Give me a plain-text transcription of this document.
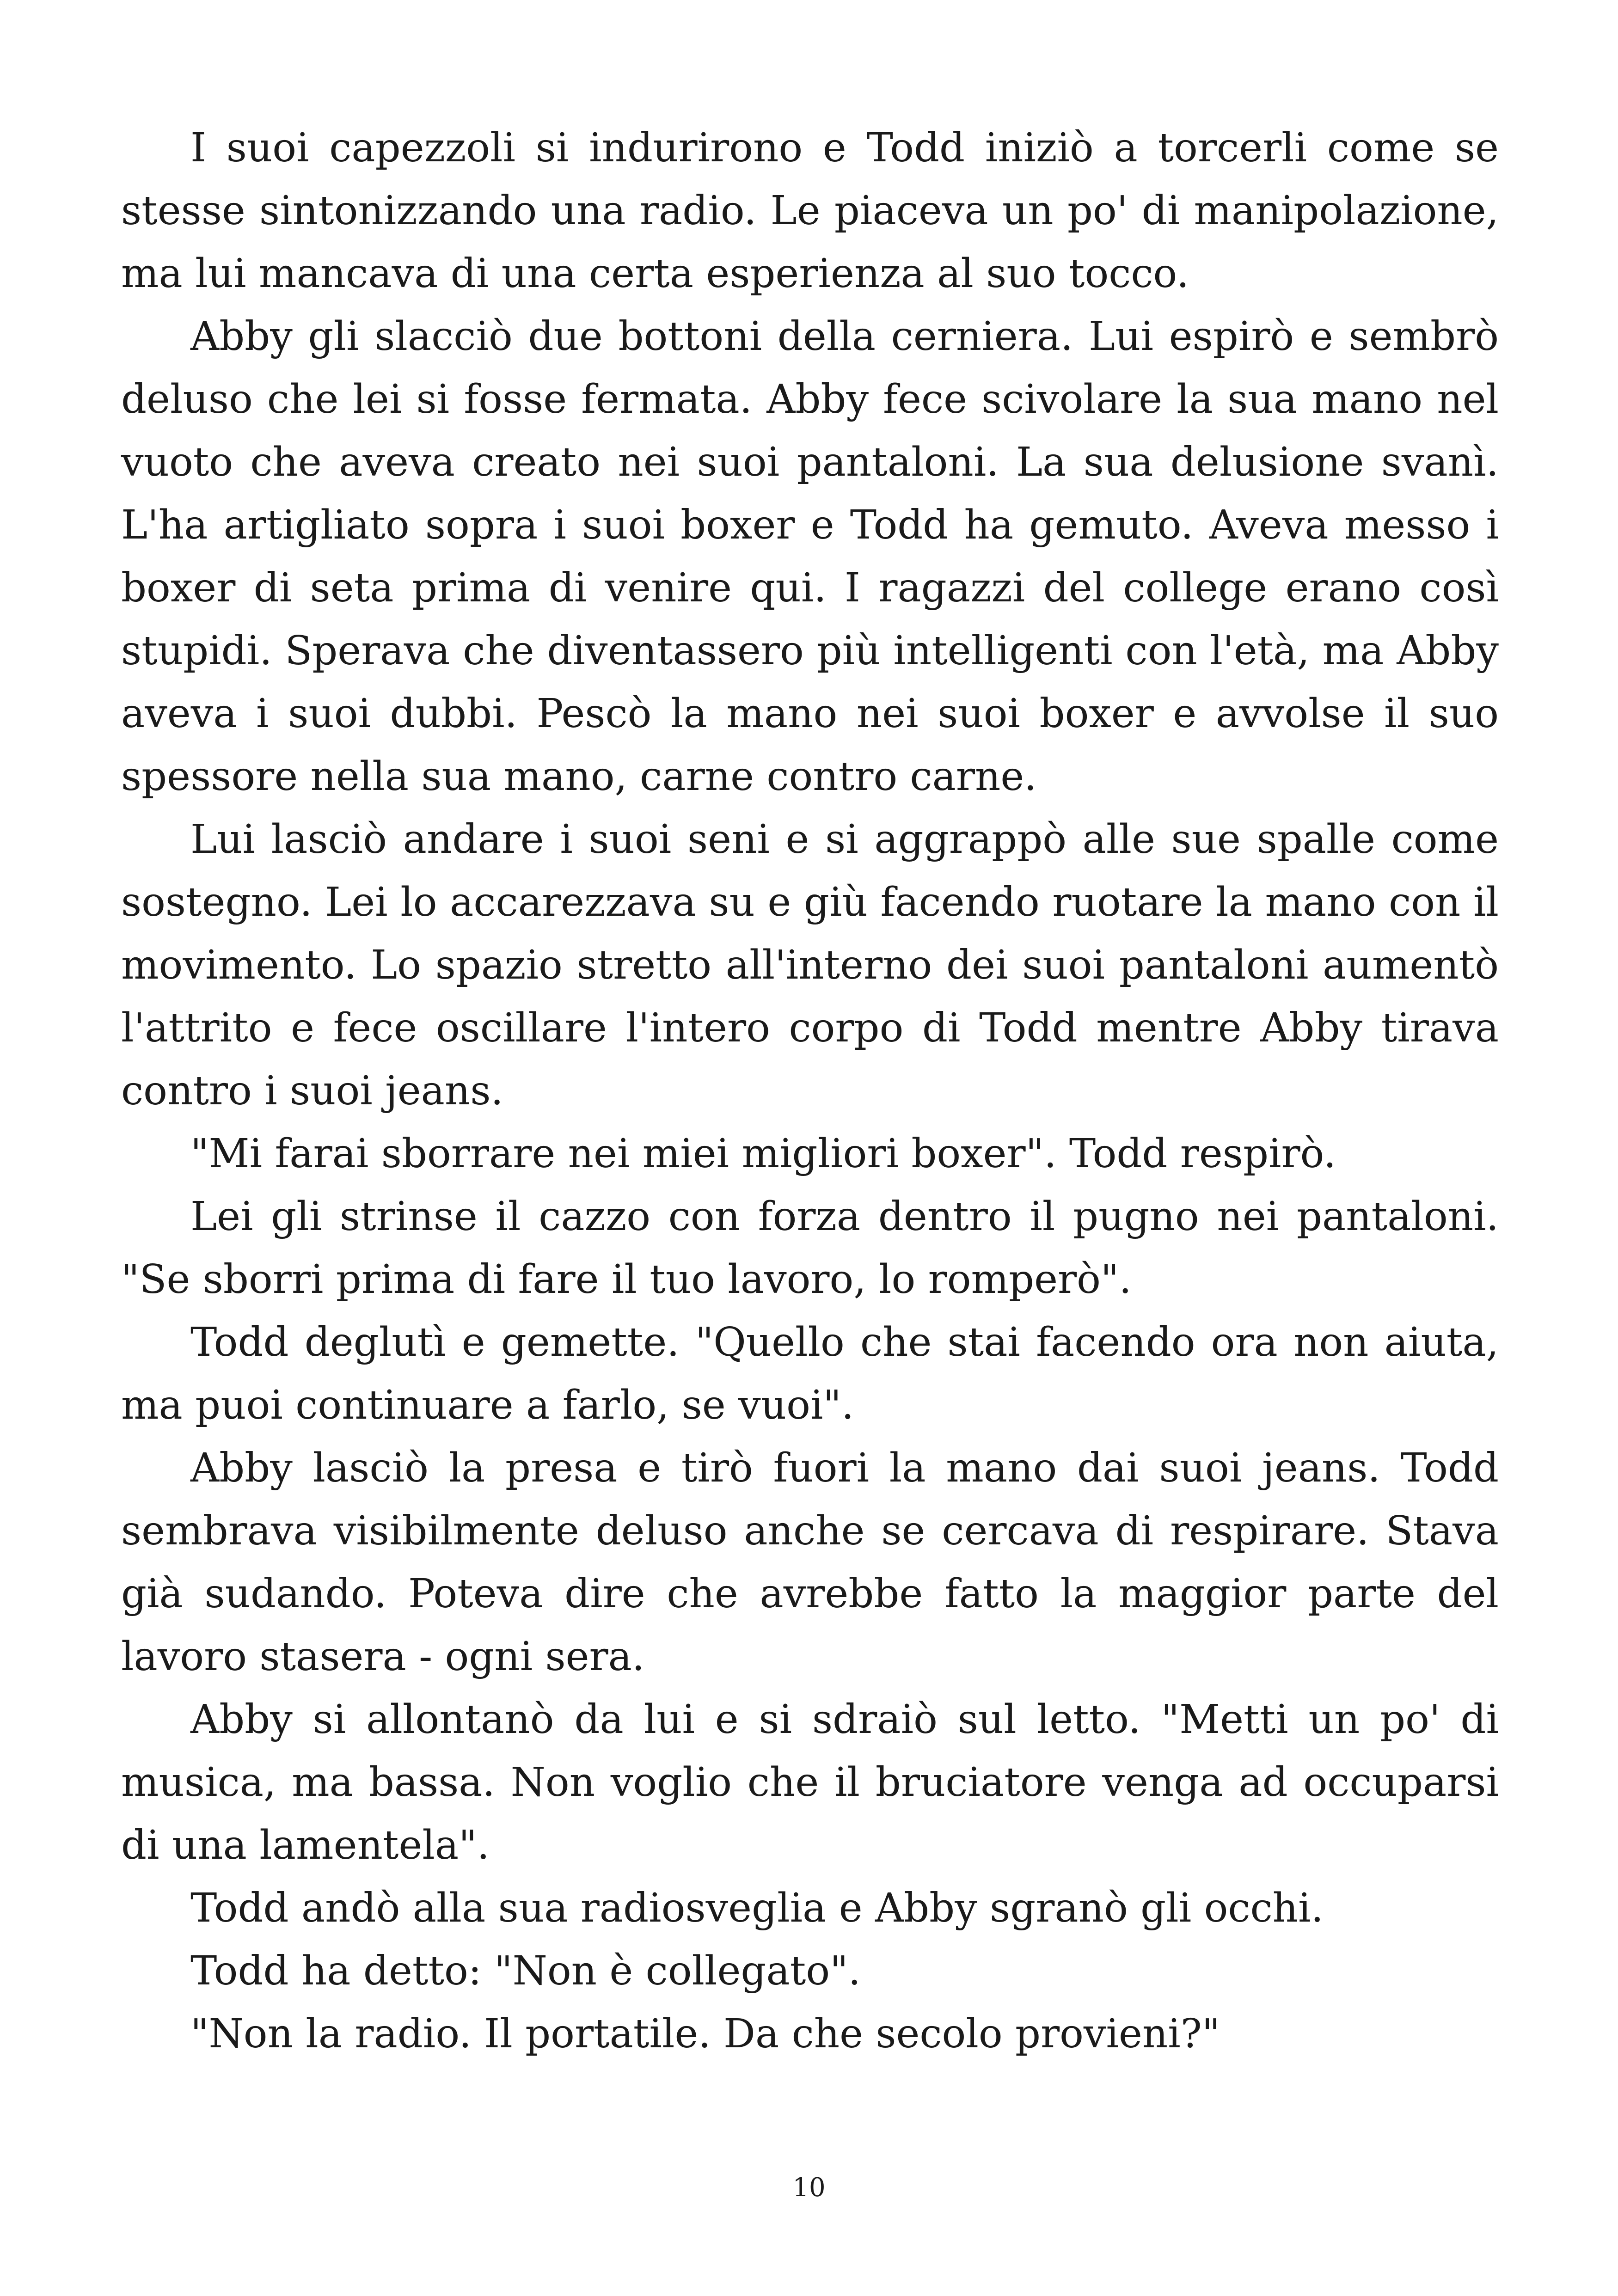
I suoi capezzoli si indurirono e Todd iniziò a torcerli come se stesse sintonizzando una radio. Le piaceva un po' di manipolazione, ma lui mancava di una certa esperienza al suo tocco.

Abby gli slacciò due bottoni della cerniera. Lui espirò e sembrò deluso che lei si fosse fermata. Abby fece scivolare la sua mano nel vuoto che aveva creato nei suoi pantaloni. La sua delusione svanì. L'ha artigliato sopra i suoi boxer e Todd ha gemuto. Aveva messo i boxer di seta prima di venire qui. I ragazzi del college erano così stupidi. Sperava che diventassero più intelligenti con l'età, ma Abby aveva i suoi dubbi. Pescò la mano nei suoi boxer e avvolse il suo spessore nella sua mano, carne contro carne.

Lui lasciò andare i suoi seni e si aggrappò alle sue spalle come sostegno. Lei lo accarezzava su e giù facendo ruotare la mano con il movimento. Lo spazio stretto all'interno dei suoi pantaloni aumentò l'attrito e fece oscillare l'intero corpo di Todd mentre Abby tirava contro i suoi jeans.

"Mi farai sborrare nei miei migliori boxer". Todd respirò.

Lei gli strinse il cazzo con forza dentro il pugno nei pantaloni. "Se sborri prima di fare il tuo lavoro, lo romperò".

Todd deglutì e gemette. "Quello che stai facendo ora non aiuta, ma puoi continuare a farlo, se vuoi".

Abby lasciò la presa e tirò fuori la mano dai suoi jeans. Todd sembrava visibilmente deluso anche se cercava di respirare. Stava già sudando. Poteva dire che avrebbe fatto la maggior parte del lavoro stasera - ogni sera.

Abby si allontanò da lui e si sdraiò sul letto. "Metti un po' di musica, ma bassa. Non voglio che il bruciatore venga ad occuparsi di una lamentela".

Todd andò alla sua radiosveglia e Abby sgranò gli occhi.

Todd ha detto: "Non è collegato".

"Non la radio. Il portatile. Da che secolo provieni?"

10
